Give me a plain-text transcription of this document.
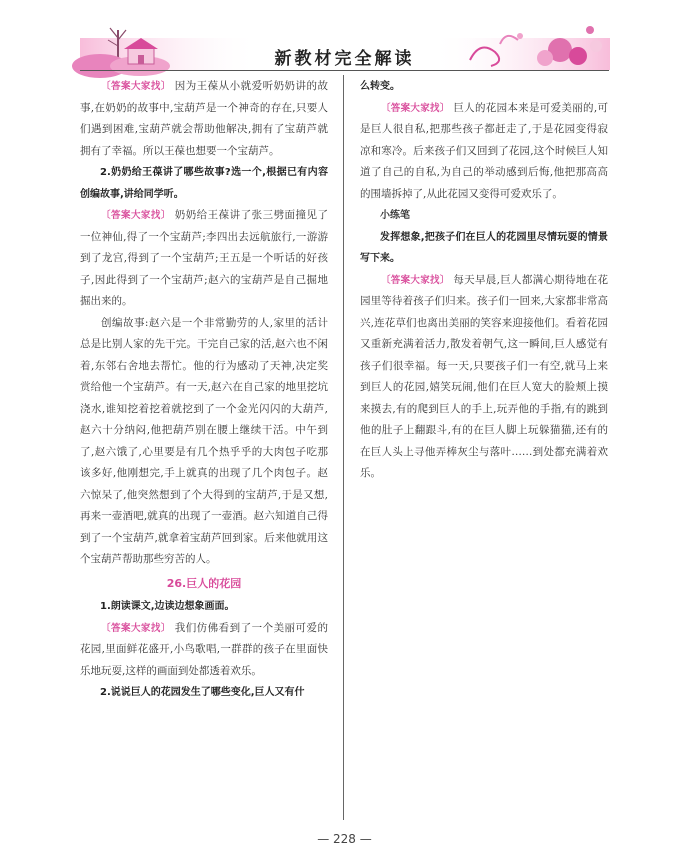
新教材完全解读

〔答案大家找〕 因为王葆从小就爱听奶奶讲的故事,在奶奶的故事中,宝葫芦是一个神奇的存在,只要人们遇到困难,宝葫芦就会帮助他解决,拥有了宝葫芦就拥有了幸福。所以王葆也想要一个宝葫芦。

2.奶奶给王葆讲了哪些故事?选一个,根据已有内容创编故事,讲给同学听。

〔答案大家找〕 奶奶给王葆讲了张三劈面撞见了一位神仙,得了一个宝葫芦;李四出去远航旅行,一游游到了龙宫,得到了一个宝葫芦;王五是一个听话的好孩子,因此得到了一个宝葫芦;赵六的宝葫芦是自己掘地掘出来的。

创编故事:赵六是一个非常勤劳的人,家里的活计总是比别人家的先干完。干完自己家的活,赵六也不闲着,东邻右舍地去帮忙。他的行为感动了天神,决定奖赏给他一个宝葫芦。有一天,赵六在自己家的地里挖坑浇水,谁知挖着挖着就挖到了一个金光闪闪的大葫芦,赵六十分纳闷,他把葫芦别在腰上继续干活。中午到了,赵六饿了,心里要是有几个热乎乎的大肉包子吃那该多好,他刚想完,手上就真的出现了几个肉包子。赵六惊呆了,他突然想到了个大得到的宝葫芦,于是又想,再来一壶酒吧,就真的出现了一壶酒。赵六知道自己得到了一个宝葫芦,就拿着宝葫芦回到家。后来他就用这个宝葫芦帮助那些穷苦的人。

26.巨人的花园

1.朗读课文,边读边想象画面。

〔答案大家找〕 我们仿佛看到了一个美丽可爱的花园,里面鲜花盛开,小鸟歌唱,一群群的孩子在里面快乐地玩耍,这样的画面到处都透着欢乐。

2.说说巨人的花园发生了哪些变化,巨人又有什

么转变。

〔答案大家找〕 巨人的花园本来是可爱美丽的,可是巨人很自私,把那些孩子都赶走了,于是花园变得寂凉和寒冷。后来孩子们又回到了花园,这个时候巨人知道了自己的自私,为自己的举动感到后悔,他把那高高的围墙拆掉了,从此花园又变得可爱欢乐了。

小练笔

发挥想象,把孩子们在巨人的花园里尽情玩耍的情景写下来。

〔答案大家找〕 每天早晨,巨人都满心期待地在花园里等待着孩子们归来。孩子们一回来,大家都非常高兴,连花草们也离出美丽的笑容来迎接他们。看着花园又重新充满着活力,散发着朝气,这一瞬间,巨人感觉有孩子们很幸福。每一天,只要孩子们一有空,就马上来到巨人的花园,嬉笑玩闹,他们在巨人宽大的脸颊上摸来摸去,有的爬到巨人的手上,玩弄他的手指,有的跳到他的肚子上翻跟斗,有的在巨人脚上玩躲猫猫,还有的在巨人头上寻他弄棒灰尘与落叶……到处都充满着欢乐。

— 228 —
